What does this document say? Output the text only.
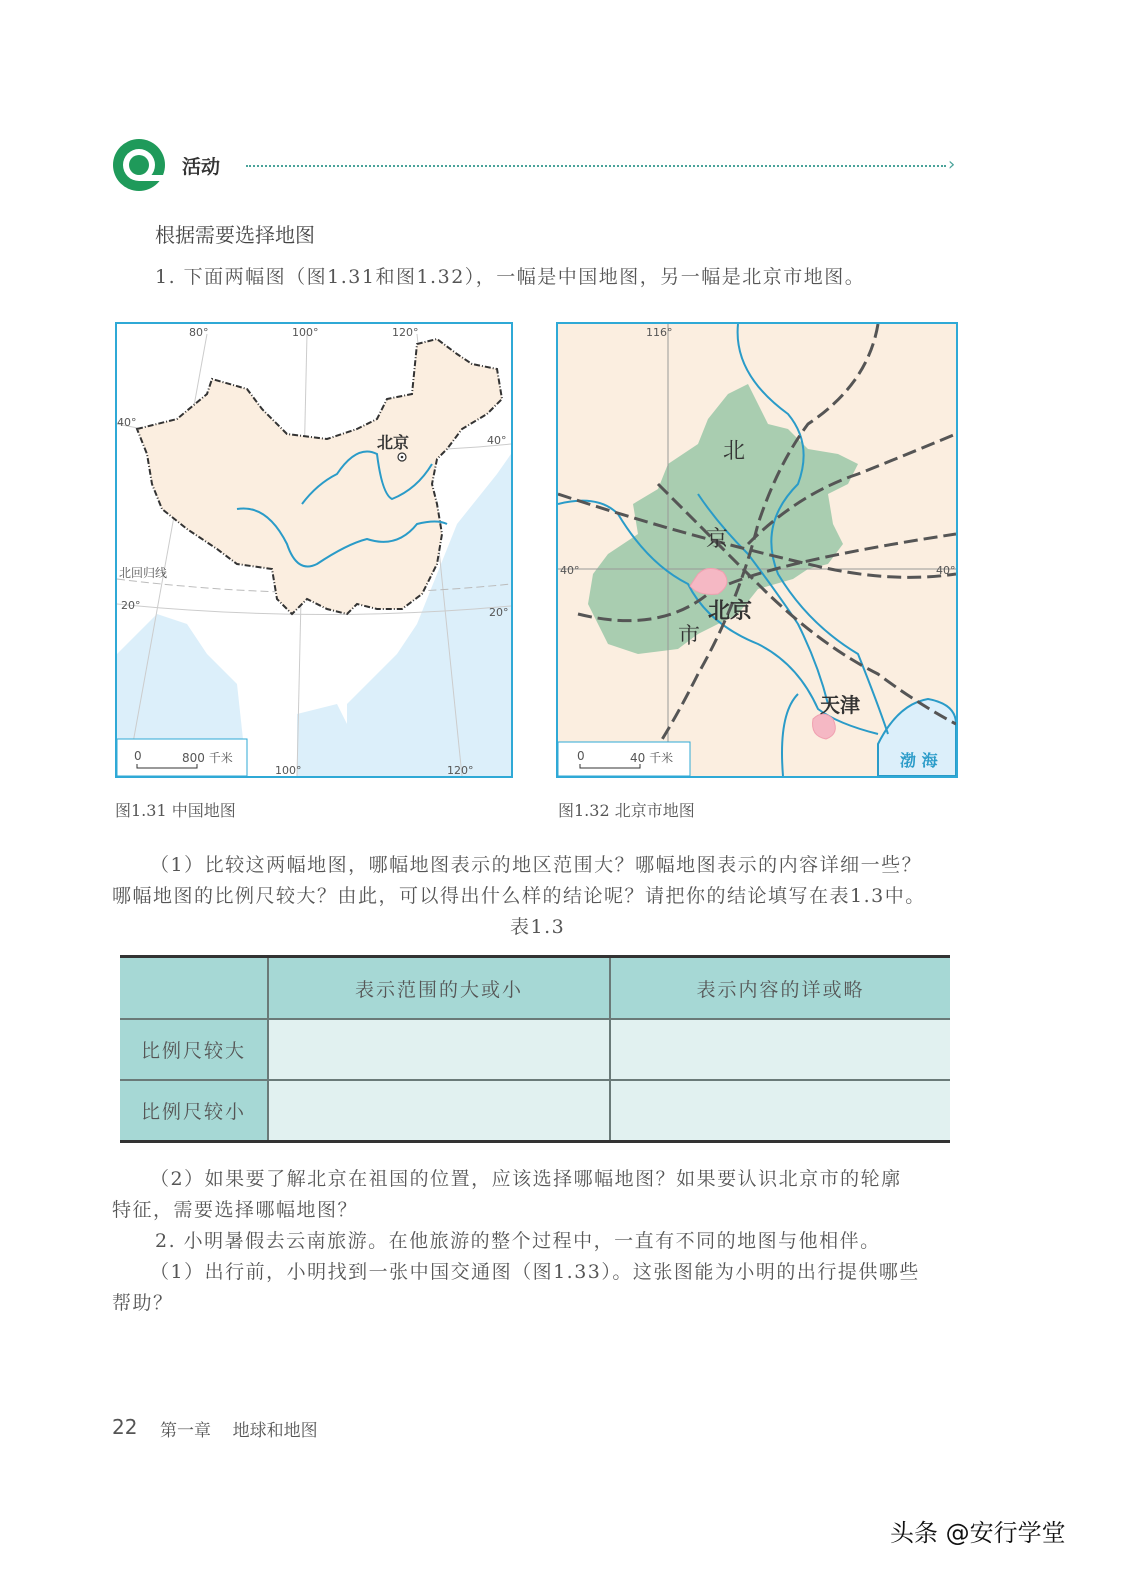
活动	›
根据需要选择地图
1. 下面两幅图（图1.31和图1.32），一幅是中国地图，另一幅是北京市地图。
80°	100°	120°
40°
40°
北京
北回归线
20°
20°
100°	120°
0	800 千米
图1.31 中国地图
116°
40°	40°
北
京
市
北京
天津
渤 海
0	40 千米
图1.32 北京市地图
（1）比较这两幅地图，哪幅地图表示的地区范围大？哪幅地图表示的内容详细一些？
哪幅地图的比例尺较大？由此，可以得出什么样的结论呢？请把你的结论填写在表1.3中。
表1.3
	表示范围的大或小	表示内容的详或略
比例尺较大		
比例尺较小		
（2）如果要了解北京在祖国的位置，应该选择哪幅地图？如果要认识北京市的轮廓
特征，需要选择哪幅地图？
2. 小明暑假去云南旅游。在他旅游的整个过程中，一直有不同的地图与他相伴。
（1）出行前，小明找到一张中国交通图（图1.33）。这张图能为小明的出行提供哪些
帮助？
22 第一章    地球和地图
头条 @安行学堂
